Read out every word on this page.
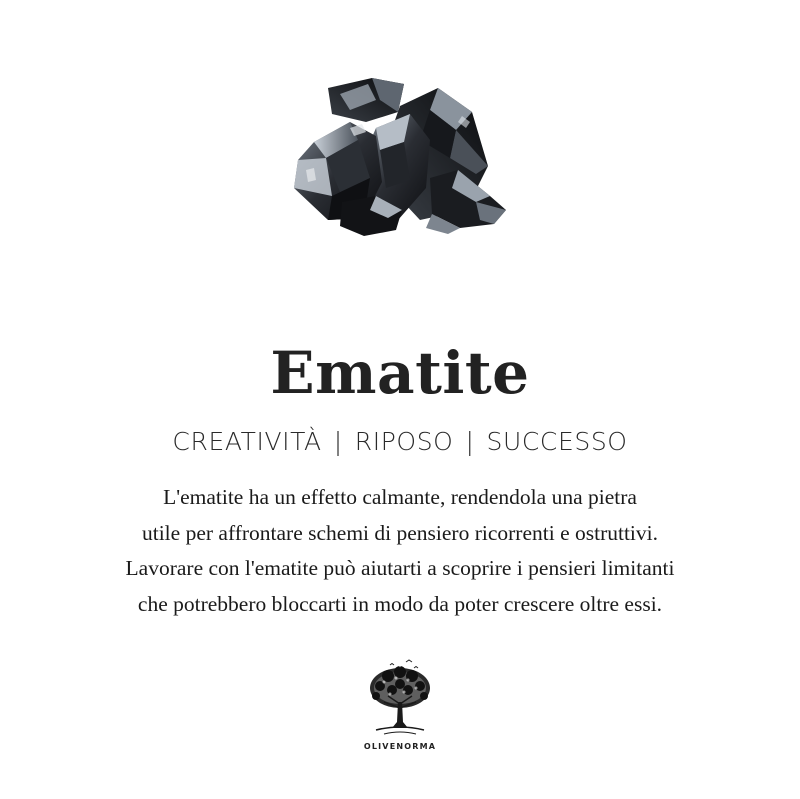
Ematite
CREATIVITÀ | RIPOSO | SUCCESSO
L'ematite ha un effetto calmante, rendendola una pietra
utile per affrontare schemi di pensiero ricorrenti e ostruttivi.
Lavorare con l'ematite può aiutarti a scoprire i pensieri limitanti
che potrebbero bloccarti in modo da poter crescere oltre essi.
OLIVENORMA
